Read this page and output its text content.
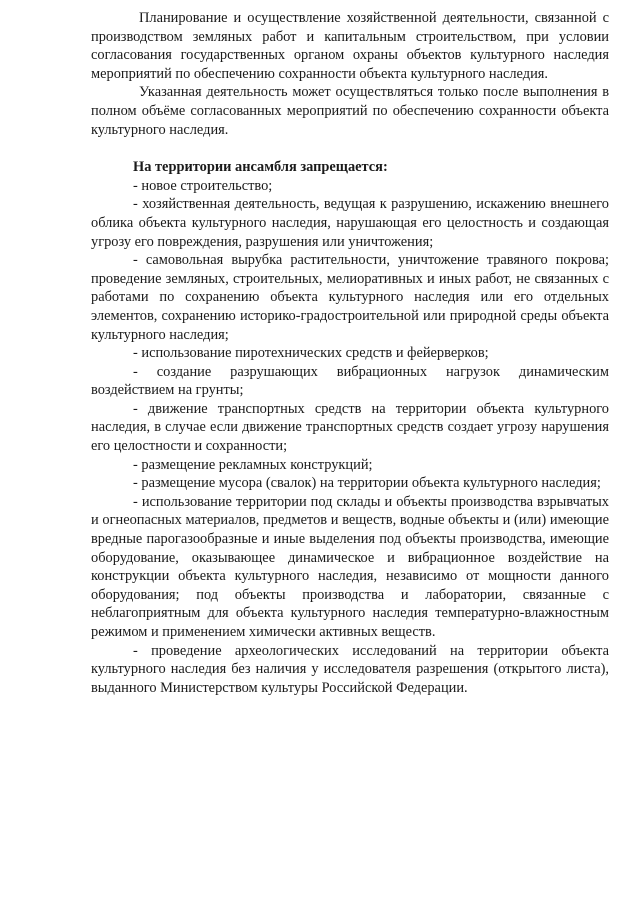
Планирование и осуществление хозяйственной деятельности, связанной с производством земляных работ и капитальным строительством, при условии согласования государственных органом охраны объектов культурного наследия мероприятий по обеспечению сохранности объекта культурного наследия.

Указанная деятельность может осуществляться только после выполнения в полном объёме согласованных мероприятий по обеспечению сохранности объекта культурного наследия.

На территории ансамбля запрещается:

- новое строительство;

- хозяйственная деятельность, ведущая к разрушению, искажению внешнего облика объекта культурного наследия, нарушающая его целостность и создающая угрозу его повреждения, разрушения или уничтожения;

- самовольная вырубка растительности, уничтожение травяного покрова; проведение земляных, строительных, мелиоративных и иных работ, не связанных с работами по сохранению объекта культурного наследия или его отдельных элементов, сохранению историко-градостроительной или природной среды объекта культурного наследия;

- использование пиротехнических средств и фейерверков;

- создание разрушающих вибрационных нагрузок динамическим воздействием на грунты;

- движение транспортных средств на территории объекта культурного наследия, в случае если движение транспортных средств создает угрозу нарушения его целостности и сохранности;

- размещение рекламных конструкций;

- размещение мусора (свалок) на территории объекта культурного наследия;

- использование территории под склады и объекты производства взрывчатых и огнеопасных материалов, предметов и веществ, водные объекты и (или) имеющие вредные парогазообразные и иные выделения под объекты производства, имеющие оборудование, оказывающее динамическое и вибрационное воздействие на конструкции объекта культурного наследия, независимо от мощности данного оборудования; под объекты производства и лаборатории, связанные с неблагоприятным для объекта культурного наследия температурно-влажностным режимом и применением химически активных веществ.

- проведение археологических исследований на территории объекта культурного наследия без наличия у исследователя разрешения (открытого листа), выданного Министерством культуры Российской Федерации.
